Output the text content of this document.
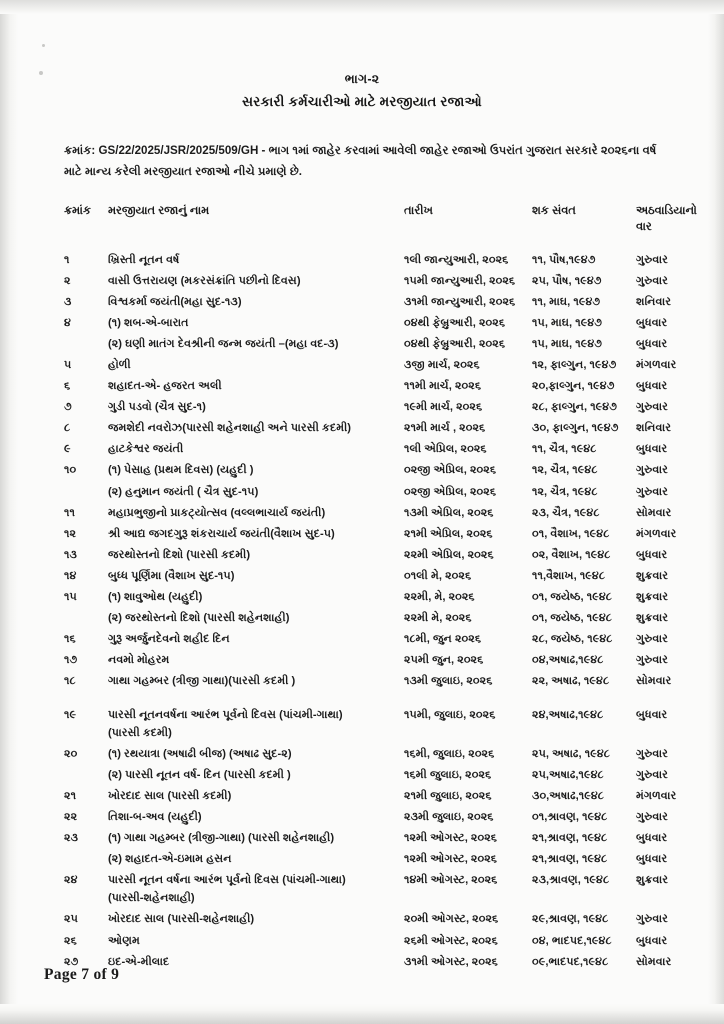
ભાગ-૨
સરકારી કર્મચારીઓ માટે મરજીયાત રજાઓ

ક્રમાંક: GS/22/2025/JSR/2025/509/GH - ભાગ ૧માં જાહેર કરવામાં આવેલી જાહેર રજાઓ ઉપરાંત ગુજરાત સરકારે ૨૦૨૬ના વર્ષ માટે માન્ય કરેલી મરજીયાત રજાઓ નીચે પ્રમાણે છે.

ક્રમાંક	મરજીયાત રજાનું નામ	તારીખ	શક સંવત	અઠવાડિયાનો
વાર
૧	ખ્રિસ્તી નૂતન વર્ષ	૧લી જાન્યુઆરી, ૨૦૨૬	૧૧, પૌષ,૧૯૪૭	ગુરુવાર
૨	વાસી ઉત્તરાયણ (મકરસંક્રાંતિ પછીનો દિવસ)	૧૫મી જાન્યુઆરી, ૨૦૨૬	૨૫, પૌષ, ૧૯૪૭	ગુરુવાર
૩	વિશ્વકર્મા જયંતી(મહા સુદ-૧૩)	૩૧મી જાન્યુઆરી, ૨૦૨૬	૧૧, માઘ, ૧૯૪૭	શનિવાર
૪	(૧) શબ-એ-બારાત	૦૪થી ફેબ્રુઆરી, ૨૦૨૬	૧૫, માઘ, ૧૯૪૭	બુધવાર
	(૨) ઘણી માતંગ દેવશ્રીની જન્મ જયંતી –(મહા વદ-૩)	૦૪થી ફેબ્રુઆરી, ૨૦૨૬	૧૫, માઘ, ૧૯૪૭	બુધવાર
૫	હોળી	૩જી માર્ચ, ૨૦૨૬	૧૨, ફાલ્ગુન, ૧૯૪૭	મંગળવાર
૬	શહાદત-એ- હજરત અલી	૧૧મી માર્ચ, ૨૦૨૬	૨૦,ફાલ્ગુન, ૧૯૪૭	બુધવાર
૭	ગુડી પડવો (ચૈત્ર સુદ-૧)	૧૯મી માર્ચ, ૨૦૨૬	૨૮, ફાલ્ગુન, ૧૯૪૭	ગુરુવાર
૮	જમશેદી નવરોઝ(પારસી શહેનશાહી અને પારસી કદમી)	૨૧મી માર્ચ , ૨૦૨૬	૩૦, ફાલ્ગુન, ૧૯૪૭	શનિવાર
૯	હાટકેશ્વર જયંતી	૧લી એપ્રિલ, ૨૦૨૬	૧૧, ચૈત્ર, ૧૯૪૮	બુધવાર
૧૦	(૧) પેસાહ (પ્રથમ દિવસ) (યહુદી )	૦૨જી એપ્રિલ, ૨૦૨૬	૧૨, ચૈત્ર, ૧૯૪૮	ગુરુવાર
	(૨) હનુમાન જયંતી ( ચૈત્ર સુદ-૧૫)	૦૨જી એપ્રિલ, ૨૦૨૬	૧૨, ચૈત્ર, ૧૯૪૮	ગુરુવાર
૧૧	મહાપ્રભુજીનો પ્રાકટ્યોત્સવ (વલ્લભાચાર્ય જયંતી)	૧૩મી એપ્રિલ, ૨૦૨૬	૨૩, ચૈત્ર, ૧૯૪૮	સોમવાર
૧૨	શ્રી આદ્ય જગદગુરૂ શંકરાચાર્ય જયંતી(વૈશાખ સુદ-૫)	૨૧મી એપ્રિલ, ૨૦૨૬	૦૧, વૈશાખ, ૧૯૪૮	મંગળવાર
૧૩	જરથોસ્તનો દિશો (પારસી કદમી)	૨૨મી એપ્રિલ, ૨૦૨૬	૦૨, વૈશાખ, ૧૯૪૮	બુધવાર
૧૪	બુધ્ધ પૂર્ણિમા (વૈશાખ સુદ-૧૫)	૦૧લી મે, ૨૦૨૬	૧૧,વૈશાખ, ૧૯૪૮	શુક્રવાર
૧૫	(૧) શાવુઓથ (યહુદી)	૨૨મી, મે, ૨૦૨૬	૦૧, જયેષ્ઠ, ૧૯૪૮	શુક્રવાર
	(૨) જરથોસ્તનો દિશો (પારસી શહેનશાહી)	૨૨મી મે, ૨૦૨૬	૦૧, જયેષ્ઠ, ૧૯૪૮	શુક્રવાર
૧૬	ગુરૂ અર્જુનદેવનો શહીદ દિન	૧૮મી, જુન ૨૦૨૬	૨૮, જયેષ્ઠ, ૧૯૪૮	ગુરુવાર
૧૭	નવમો મોહરમ	૨૫મી જુન, ૨૦૨૬	૦૪,અષાઢ,૧૯૪૮	ગુરુવાર
૧૮	ગાથા ગહમ્બર (ત્રીજી ગાથા)(પારસી કદમી )	૧૩મી જુલાઇ, ૨૦૨૬	૨૨, અષાઢ, ૧૯૪૮	સોમવાર
૧૯	પારસી નૂતનવર્ષના આરંભ પૂર્વનો દિવસ (પાંચમી-ગાથા)
(પારસી કદમી)	૧૫મી, જુલાઇ, ૨૦૨૬	૨૪,અષાઢ,૧૯૪૮	બુધવાર
૨૦	(૧) રથયાત્રા (અષાઢી બીજ) (અષાઢ સુદ-૨)	૧૬મી, જુલાઇ, ૨૦૨૬	૨૫, અષાઢ, ૧૯૪૮	ગુરુવાર
	(૨) પારસી નૂતન વર્ષ- દિન (પારસી કદમી )	૧૬મી જુલાઇ, ૨૦૨૬	૨૫,અષાઢ,૧૯૪૮	ગુરુવાર
૨૧	ખોરદાદ સાલ (પારસી કદમી)	૨૧મી જુલાઇ, ૨૦૨૬	૩૦,અષાઢ,૧૯૪૮	મંગળવાર
૨૨	તિશા-બ-અવ (યહુદી)	૨૩મી જુલાઇ, ૨૦૨૬	૦૧,શ્રાવણ, ૧૯૪૮	ગુરુવાર
૨૩	(૧) ગાથા ગહમ્બર (ત્રીજી-ગાથા) (પારસી શહેનશાહી)	૧૨મી ઓગસ્ટ, ૨૦૨૬	૨૧,શ્રાવણ, ૧૯૪૮	બુધવાર
	(૨) શહાદત-એ-ઇમામ હસન	૧૨મી ઓગસ્ટ, ૨૦૨૬	૨૧,શ્રાવણ, ૧૯૪૮	બુધવાર
૨૪	પારસી નૂતન વર્ષના આરંભ પૂર્વનો દિવસ (પાંચમી-ગાથા)
(પારસી-શહેનશાહી)	૧૪મી ઓગસ્ટ, ૨૦૨૬	૨૩,શ્રાવણ, ૧૯૪૮	શુક્રવાર
૨૫	ખોરદાદ સાલ (પારસી-શહેનશાહી)	૨૦મી ઓગસ્ટ, ૨૦૨૬	૨૯,શ્રાવણ, ૧૯૪૮	ગુરુવાર
૨૬	ઓણમ	૨૬મી ઓગસ્ટ, ૨૦૨૬	૦૪, ભાદપદ,૧૯૪૮	બુધવાર
૨૭	ઇદ-એ-મીલાદ	૩૧મી ઓગસ્ટ, ૨૦૨૬	૦૯,ભાદપદ,૧૯૪૮	સોમવાર
Page 7 of 9
